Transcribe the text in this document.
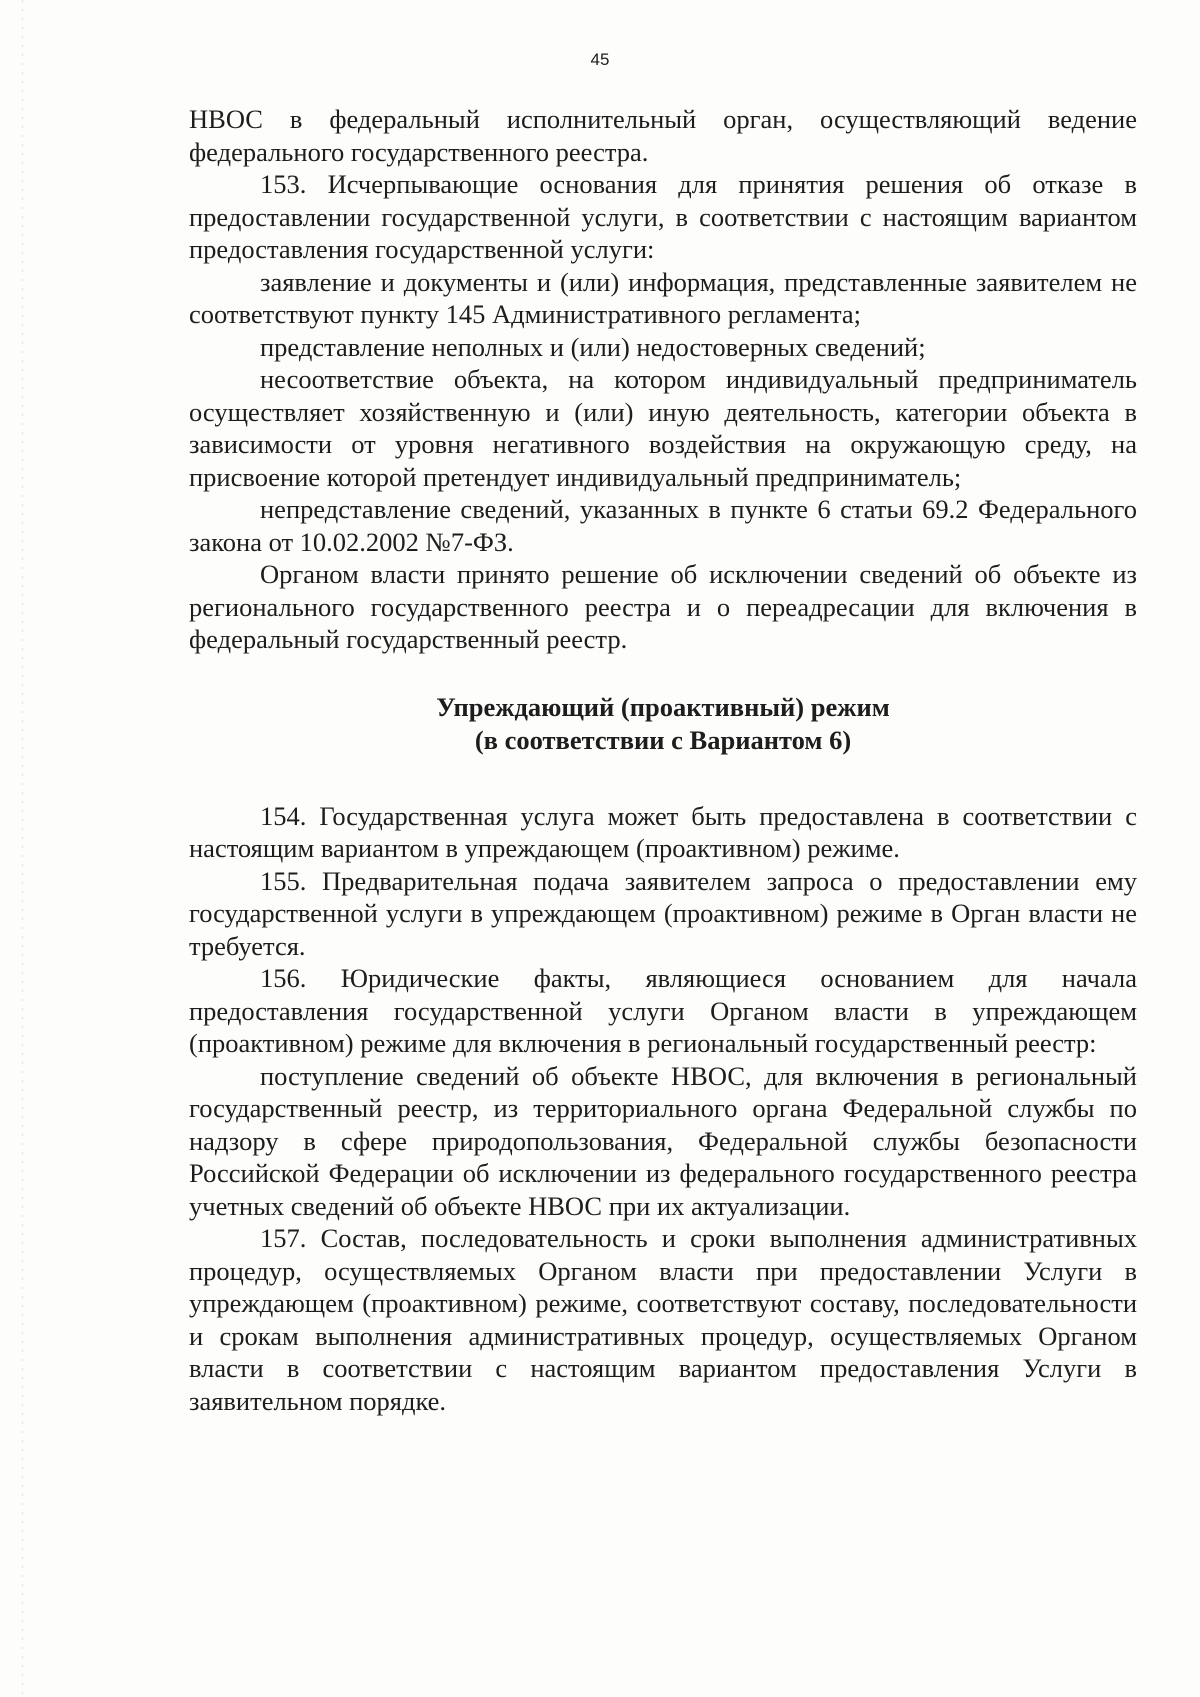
45

НВОС в федеральный исполнительный орган, осуществляющий ведение федерального государственного реестра.

153. Исчерпывающие основания для принятия решения об отказе в предоставлении государственной услуги, в соответствии с настоящим вариантом предоставления государственной услуги:

заявление и документы и (или) информация, представленные заявителем не соответствуют пункту 145 Административного регламента;

представление неполных и (или) недостоверных сведений;

несоответствие объекта, на котором индивидуальный предприниматель осуществляет хозяйственную и (или) иную деятельность, категории объекта в зависимости от уровня негативного воздействия на окружающую среду, на присвоение которой претендует индивидуальный предприниматель;

непредставление сведений, указанных в пункте 6 статьи 69.2 Федерального закона от 10.02.2002 №7-ФЗ.

Органом власти принято решение об исключении сведений об объекте из регионального государственного реестра и о переадресации для включения в федеральный государственный реестр.

Упреждающий (проактивный) режим
(в соответствии с Вариантом 6)

154. Государственная услуга может быть предоставлена в соответствии с настоящим вариантом в упреждающем (проактивном) режиме.

155. Предварительная подача заявителем запроса о предоставлении ему государственной услуги в упреждающем (проактивном) режиме в Орган власти не требуется.

156. Юридические факты, являющиеся основанием для начала предоставления государственной услуги Органом власти в упреждающем (проактивном) режиме для включения в региональный государственный реестр:

поступление сведений об объекте НВОС, для включения в региональный государственный реестр, из территориального органа Федеральной службы по надзору в сфере природопользования, Федеральной службы безопасности Российской Федерации об исключении из федерального государственного реестра учетных сведений об объекте НВОС при их актуализации.

157. Состав, последовательность и сроки выполнения административных процедур, осуществляемых Органом власти при предоставлении Услуги в упреждающем (проактивном) режиме, соответствуют составу, последовательности и срокам выполнения административных процедур, осуществляемых Органом власти в соответствии с настоящим вариантом предоставления Услуги в заявительном порядке.
